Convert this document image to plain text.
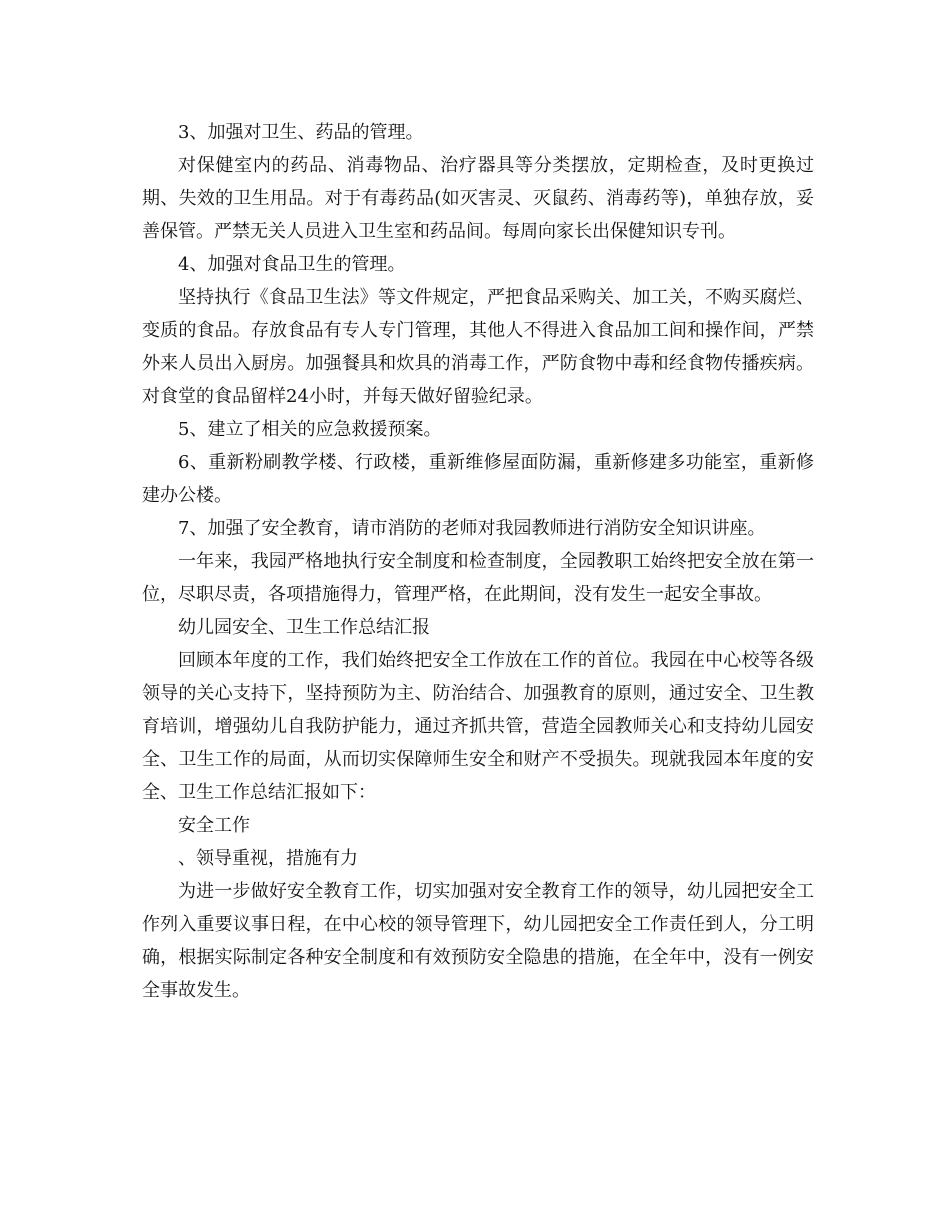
3、加强对卫生、药品的管理。

对保健室内的药品、消毒物品、治疗器具等分类摆放，定期检查，及时更换过期、失效的卫生用品。对于有毒药品(如灭害灵、灭鼠药、消毒药等)，单独存放，妥善保管。严禁无关人员进入卫生室和药品间。每周向家长出保健知识专刊。

4、加强对食品卫生的管理。

坚持执行《食品卫生法》等文件规定，严把食品采购关、加工关，不购买腐烂、变质的食品。存放食品有专人专门管理，其他人不得进入食品加工间和操作间，严禁外来人员出入厨房。加强餐具和炊具的消毒工作，严防食物中毒和经食物传播疾病。对食堂的食品留样24小时，并每天做好留验纪录。

5、建立了相关的应急救援预案。

6、重新粉刷教学楼、行政楼，重新维修屋面防漏，重新修建多功能室，重新修建办公楼。

7、加强了安全教育，请市消防的老师对我园教师进行消防安全知识讲座。

一年来，我园严格地执行安全制度和检查制度，全园教职工始终把安全放在第一位，尽职尽责，各项措施得力，管理严格，在此期间，没有发生一起安全事故。

幼儿园安全、卫生工作总结汇报

回顾本年度的工作，我们始终把安全工作放在工作的首位。我园在中心校等各级领导的关心支持下，坚持预防为主、防治结合、加强教育的原则，通过安全、卫生教育培训，增强幼儿自我防护能力，通过齐抓共管，营造全园教师关心和支持幼儿园安全、卫生工作的局面，从而切实保障师生安全和财产不受损失。现就我园本年度的安全、卫生工作总结汇报如下：

安全工作

、领导重视，措施有力

为进一步做好安全教育工作，切实加强对安全教育工作的领导，幼儿园把安全工作列入重要议事日程，在中心校的领导管理下，幼儿园把安全工作责任到人，分工明确，根据实际制定各种安全制度和有效预防安全隐患的措施，在全年中，没有一例安全事故发生。
